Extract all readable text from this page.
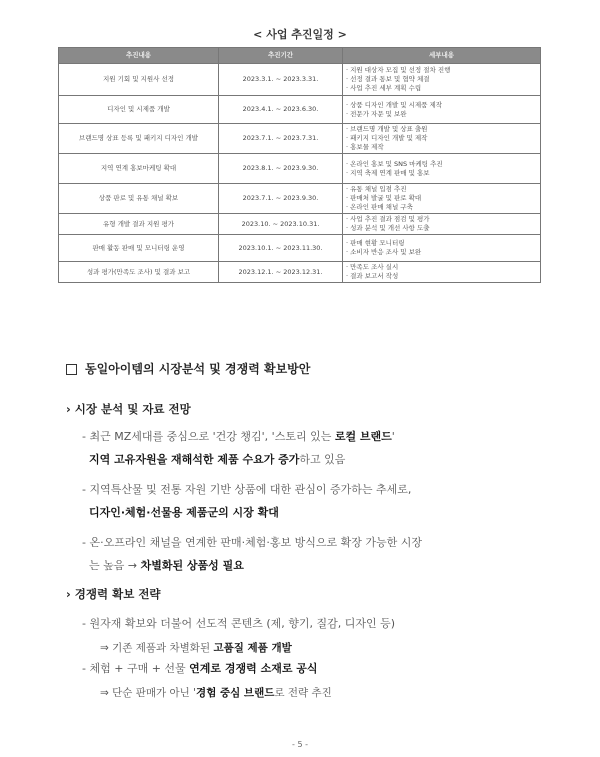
< 사업 추진일정 >
추진내용	추진기간	세부내용
지원 기회 및 지원사 선정	2023.3.1. ~ 2023.3.31.	· 지원 대상자 모집 및 선정 절차 진행
· 선정 결과 통보 및 협약 체결
· 사업 추진 세부 계획 수립
디자인 및 시제품 개발	2023.4.1. ~ 2023.6.30.	· 상품 디자인 개발 및 시제품 제작
· 전문가 자문 및 보완
브랜드명 상표 등록 및 패키지 디자인 개발	2023.7.1. ~ 2023.7.31.	· 브랜드명 개발 및 상표 출원
· 패키지 디자인 개발 및 제작
· 홍보물 제작
지역 연계 홍보마케팅 확대	2023.8.1. ~ 2023.9.30.	· 온라인 홍보 및 SNS 마케팅 추진
· 지역 축제 연계 판매 및 홍보
상품 판로 및 유통 채널 확보	2023.7.1. ~ 2023.9.30.	· 유통 채널 입점 추진
· 판매처 발굴 및 판로 확대
· 온라인 판매 채널 구축
유형 개발 결과 지원 평가	2023.10. ~ 2023.10.31.	· 사업 추진 결과 점검 및 평가
· 성과 분석 및 개선 사항 도출
판매 활동 판매 및 모니터링 운영	2023.10.1. ~ 2023.11.30.	· 판매 현황 모니터링
· 소비자 반응 조사 및 보완
성과 평가(만족도 조사) 및 결과 보고	2023.12.1. ~ 2023.12.31.	· 만족도 조사 실시
· 결과 보고서 작성
동일아이템의 시장분석 및 경쟁력 확보방안
› 시장 분석 및 자료 전망
- 최근 MZ세대를 중심으로 '건강 챙김', '스토리 있는 로컬 브랜드'
지역 고유자원을 재해석한 제품 수요가 증가하고 있음
- 지역특산물 및 전통 자원 기반 상품에 대한 관심이 증가하는 추세로,
디자인·체험·선물용 제품군의 시장 확대
- 온·오프라인 채널을 연계한 판매·체험·홍보 방식으로 확장 가능한 시장
는 높음 → 차별화된 상품성 필요
› 경쟁력 확보 전략
- 원자재 확보와 더불어 선도적 콘텐츠 (제, 향기, 질감, 디자인 등)
⇒ 기존 제품과 차별화된 고품질 제품 개발
- 체험 + 구매 + 선물 연계로 경쟁력 소재로 공식
⇒ 단순 판매가 아닌 '경험 중심 브랜드로 전략 추진
- 5 -
